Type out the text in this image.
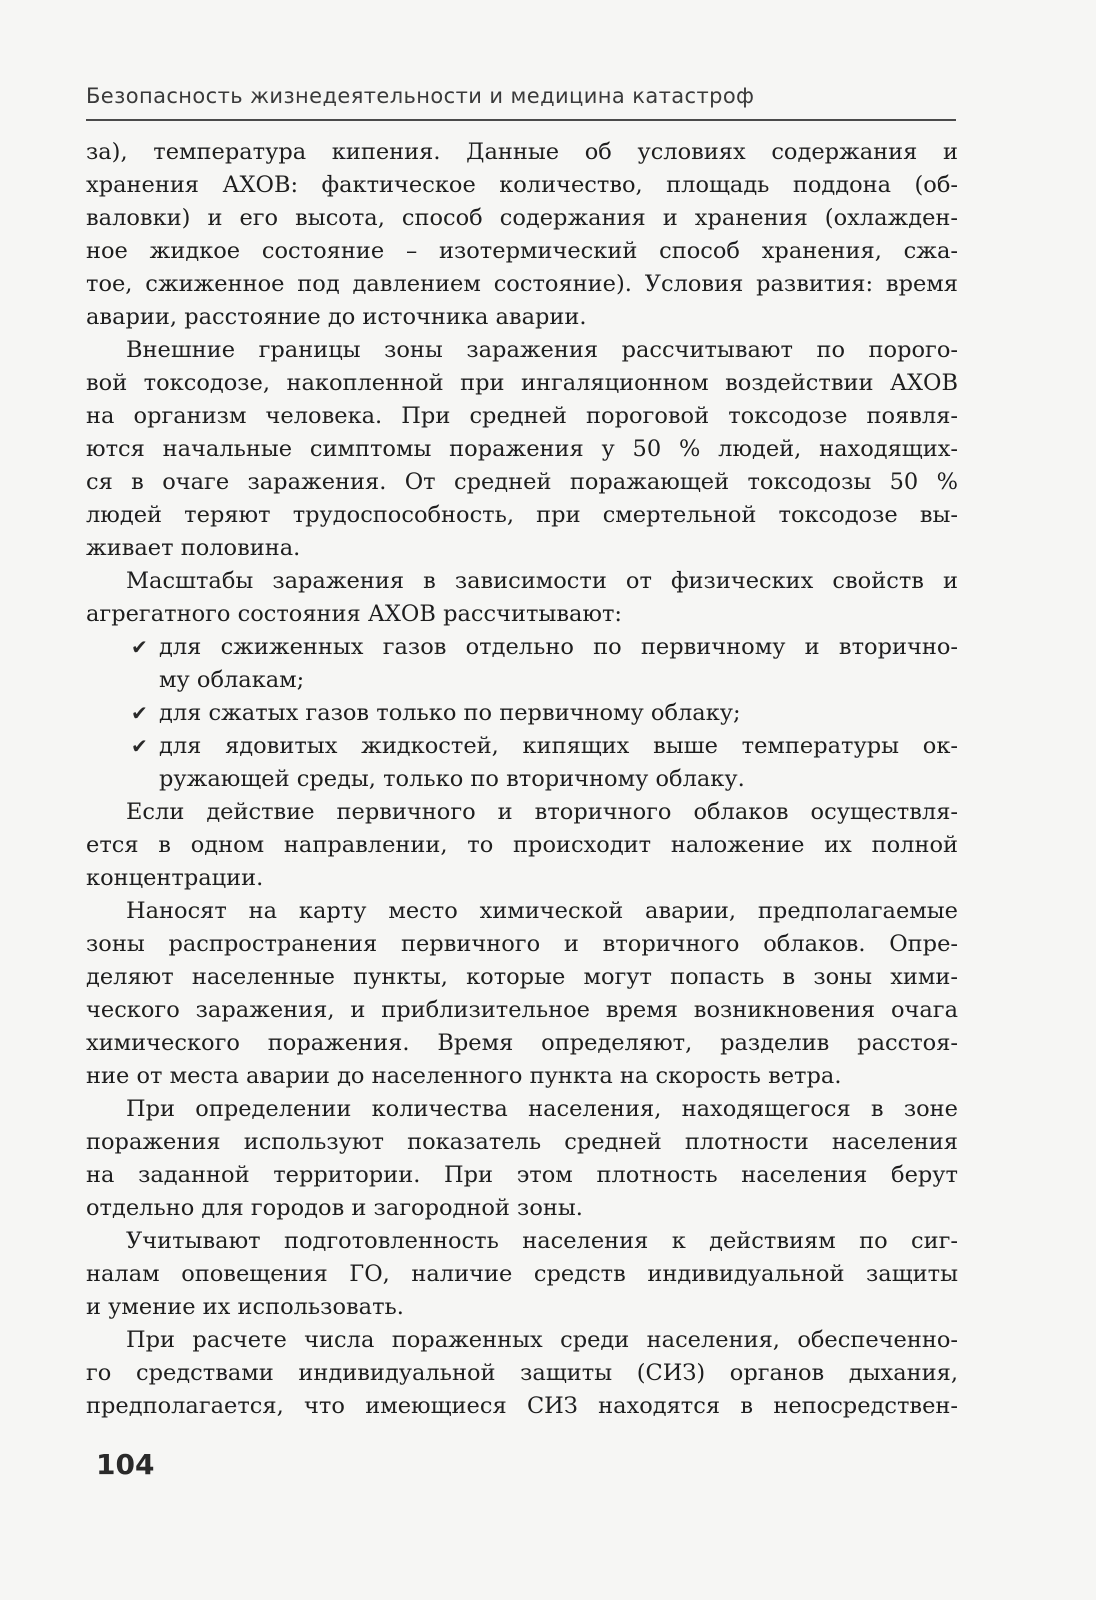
Безопасность жизнедеятельности и медицина катастроф
за), температура кипения. Данные об условиях содержания и
хранения АХОВ: фактическое количество, площадь поддона (об-
валовки) и его высота, способ содержания и хранения (охлажден-
ное жидкое состояние – изотермический способ хранения, сжа-
тое, сжиженное под давлением состояние). Условия развития: время
аварии, расстояние до источника аварии.
Внешние границы зоны заражения рассчитывают по порого-
вой токсодозе, накопленной при ингаляционном воздействии АХОВ
на организм человека. При средней пороговой токсодозе появля-
ются начальные симптомы поражения у 50 % людей, находящих-
ся в очаге заражения. От средней поражающей токсодозы 50 %
людей теряют трудоспособность, при смертельной токсодозе вы-
живает половина.
Масштабы заражения в зависимости от физических свойств и
агрегатного состояния АХОВ рассчитывают:
✔ для сжиженных газов отдельно по первичному и вторично-
му облакам;
✔ для сжатых газов только по первичному облаку;
✔ для ядовитых жидкостей, кипящих выше температуры ок-
ружающей среды, только по вторичному облаку.
Если действие первичного и вторичного облаков осуществля-
ется в одном направлении, то происходит наложение их полной
концентрации.
Наносят на карту место химической аварии, предполагаемые
зоны распространения первичного и вторичного облаков. Опре-
деляют населенные пункты, которые могут попасть в зоны хими-
ческого заражения, и приблизительное время возникновения очага
химического поражения. Время определяют, разделив расстоя-
ние от места аварии до населенного пункта на скорость ветра.
При определении количества населения, находящегося в зоне
поражения используют показатель средней плотности населения
на заданной территории. При этом плотность населения берут
отдельно для городов и загородной зоны.
Учитывают подготовленность населения к действиям по сиг-
налам оповещения ГО, наличие средств индивидуальной защиты
и умение их использовать.
При расчете числа пораженных среди населения, обеспеченно-
го средствами индивидуальной защиты (СИЗ) органов дыхания,
предполагается, что имеющиеся СИЗ находятся в непосредствен-
104
